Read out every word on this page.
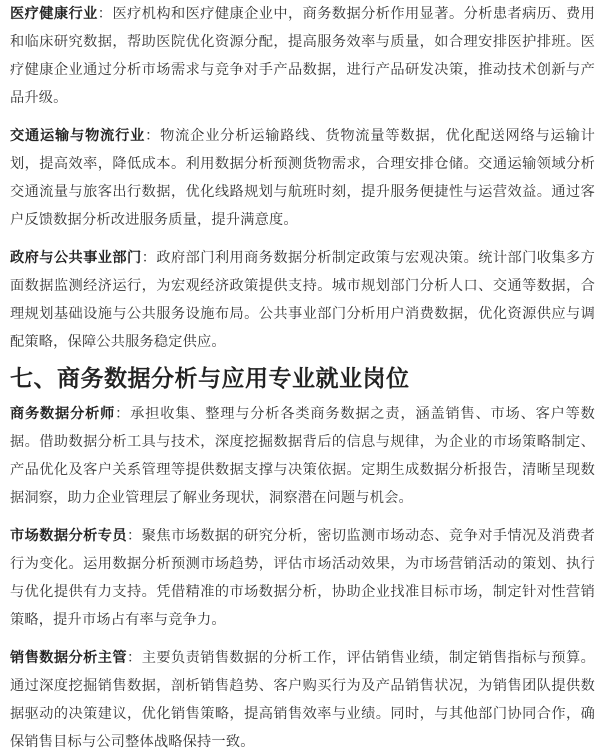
医疗健康行业：医疗机构和医疗健康企业中，商务数据分析作用显著。分析患者病历、费用和临床研究数据，帮助医院优化资源分配，提高服务效率与质量，如合理安排医护排班。医疗健康企业通过分析市场需求与竞争对手产品数据，进行产品研发决策，推动技术创新与产品升级。

交通运输与物流行业：物流企业分析运输路线、货物流量等数据，优化配送网络与运输计划，提高效率，降低成本。利用数据分析预测货物需求，合理安排仓储。交通运输领域分析交通流量与旅客出行数据，优化线路规划与航班时刻，提升服务便捷性与运营效益。通过客户反馈数据分析改进服务质量，提升满意度。

政府与公共事业部门：政府部门利用商务数据分析制定政策与宏观决策。统计部门收集多方面数据监测经济运行，为宏观经济政策提供支持。城市规划部门分析人口、交通等数据，合理规划基础设施与公共服务设施布局。公共事业部门分析用户消费数据，优化资源供应与调配策略，保障公共服务稳定供应。

七、商务数据分析与应用专业就业岗位

商务数据分析师：承担收集、整理与分析各类商务数据之责，涵盖销售、市场、客户等数据。借助数据分析工具与技术，深度挖掘数据背后的信息与规律，为企业的市场策略制定、产品优化及客户关系管理等提供数据支撑与决策依据。定期生成数据分析报告，清晰呈现数据洞察，助力企业管理层了解业务现状，洞察潜在问题与机会。

市场数据分析专员：聚焦市场数据的研究分析，密切监测市场动态、竞争对手情况及消费者行为变化。运用数据分析预测市场趋势，评估市场活动效果，为市场营销活动的策划、执行与优化提供有力支持。凭借精准的市场数据分析，协助企业找准目标市场，制定针对性营销策略，提升市场占有率与竞争力。

销售数据分析主管：主要负责销售数据的分析工作，评估销售业绩，制定销售指标与预算。通过深度挖掘销售数据，剖析销售趋势、客户购买行为及产品销售状况，为销售团队提供数据驱动的决策建议，优化销售策略，提高销售效率与业绩。同时，与其他部门协同合作，确保销售目标与公司整体战略保持一致。
